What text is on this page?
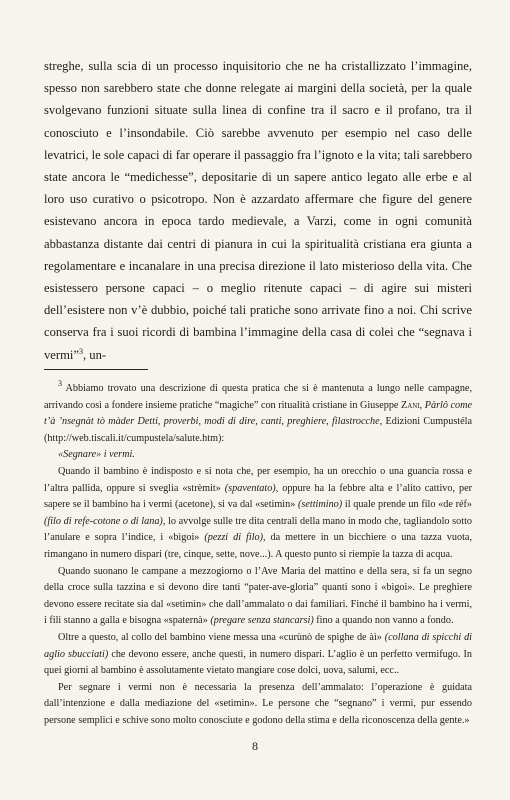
streghe, sulla scia di un processo inquisitorio che ne ha cristallizzato l’immagine, spesso non sarebbero state che donne relegate ai margini della società, per la quale svolgevano funzioni situate sulla linea di confine tra il sacro e il profano, tra il conosciuto e l’insondabile. Ciò sarebbe avvenuto per esempio nel caso delle levatrici, le sole capaci di far operare il passaggio fra l’ignoto e la vita; tali sarebbero state ancora le “medichesse”, depositarie di un sapere antico legato alle erbe e al loro uso curativo o psicotropo. Non è azzardato affermare che figure del genere esistevano ancora in epoca tardo medievale, a Varzi, come in ogni comunità abbastanza distante dai centri di pianura in cui la spiritualità cristiana era giunta a regolamentare e incanalare in una precisa direzione il lato misterioso della vita. Che esistessero persone capaci – o meglio ritenute capaci – di agire sui misteri dell’esistere non v’è dubbio, poiché tali pratiche sono arrivate fino a noi. Chi scrive conserva fra i suoi ricordi di bambina l’immagine della casa di colei che “segnava i vermi”$^3$, un-

$^3$ Abbiamo trovato una descrizione di questa pratica che si è mantenuta a lungo nelle campagne, arrivando così a fondere insieme pratiche “magiche” con ritualità cristiane in Giuseppe Zani, Pàrlô come t’à ’nsegnàt tò màder Detti, proverbi, modi di dire, canti, preghiere, filastrocche, Edizioni Cumpustéla (http://web.tiscali.it/cumpustela/salute.htm):

«Segnare» i vermi.

Quando il bambino è indisposto e si nota che, per esempio, ha un orecchio o una guancia rossa e l’altra pallida, oppure si sveglia «strèmit» (spaventato), oppure ha la febbre alta e l’alito cattivo, per sapere se il bambino ha i vermi (acetone), si va dal «setimìn» (settimino) il quale prende un filo «de réf» (filo di refe-cotone o di lana), lo avvolge sulle tre dita centrali della mano in modo che, tagliandolo sotto l’anulare e sopra l’indice, i «bìgoi» (pezzi di filo), da mettere in un bicchiere o una tazza vuota, rimangano in numero dispari (tre, cinque, sette, nove...). A questo punto si riempie la tazza di acqua.

Quando suonano le campane a mezzogiorno o l’Ave Maria del mattino e della sera, si fa un segno della croce sulla tazzina e si devono dire tanti “pater-ave-gloria” quanti sono i «bìgoi». Le preghiere devono essere recitate sia dal «setimìn» che dall’ammalato o dai familiari. Finché il bambino ha i vermi, i fili stanno a galla e bisogna «spaternà» (pregare senza stancarsi) fino a quando non vanno a fondo.

Oltre a questo, al collo del bambino viene messa una «curùnò de spighe de àì» (collana di spicchi di aglio sbucciati) che devono essere, anche questi, in numero dispari. L’aglio è un perfetto vermifugo. In quei giorni al bambino è assolutamente vietato mangiare cose dolci, uova, salumi, ecc..

Per segnare i vermi non è necessaria la presenza dell’ammalato: l’operazione è guidata dall’intenzione e dalla mediazione del «setimìn». Le persone che “segnano” i vermi, pur essendo persone semplici e schive sono molto conosciute e godono della stima e della riconoscenza della gente.»

8
